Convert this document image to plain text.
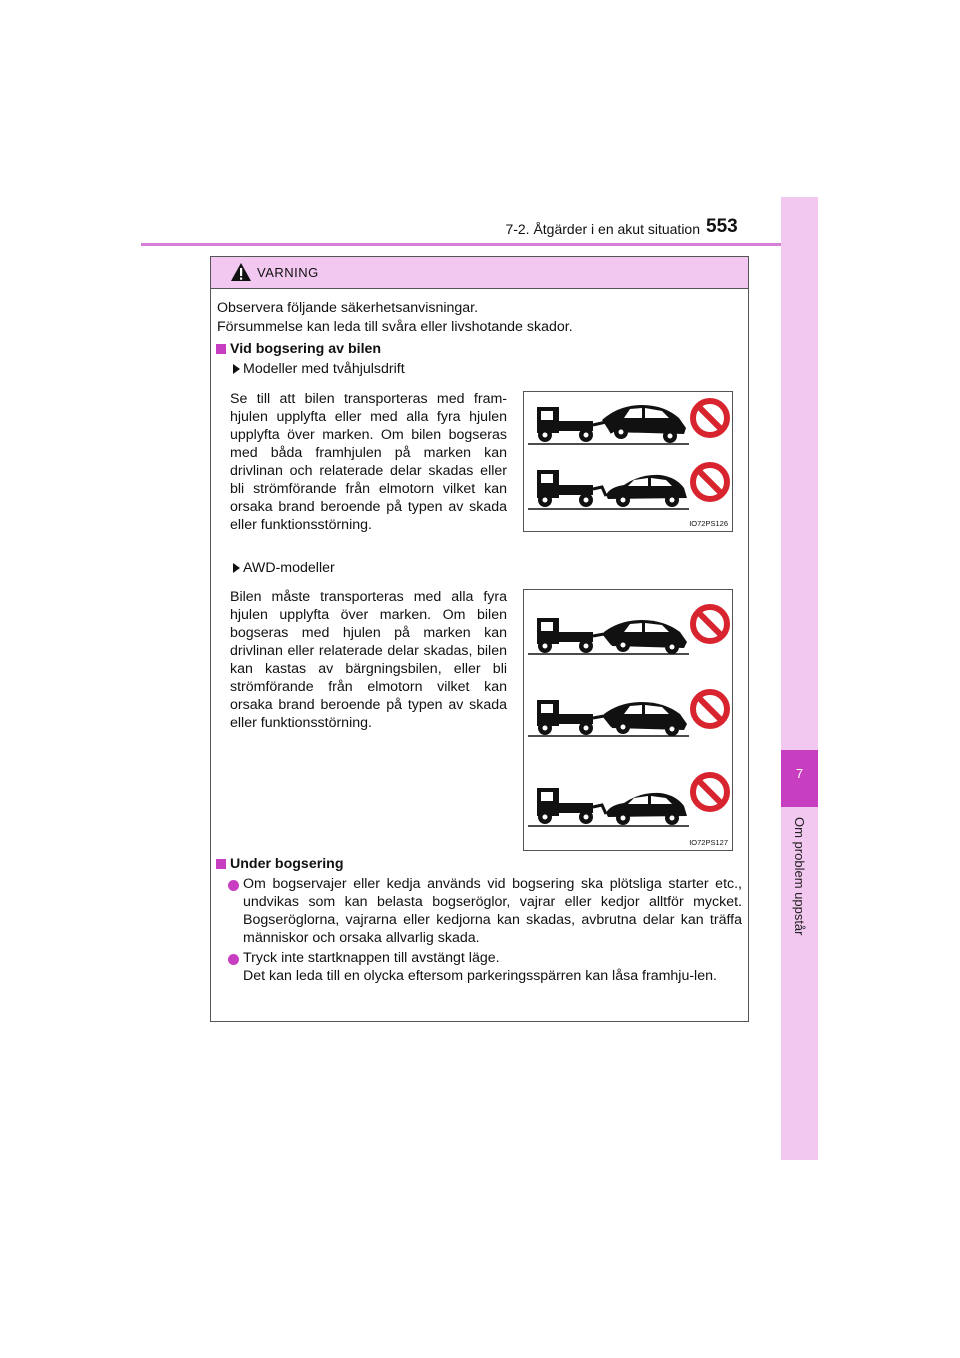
7-2. Åtgärder i en akut situation 553
7
Om problem uppstår
VARNING
Observera följande säkerhetsanvisningar.
Försummelse kan leda till svåra eller livshotande skador.
Vid bogsering av bilen
Modeller med tvåhjulsdrift
Se till att bilen transporteras med fram-hjulen upplyfta eller med alla fyra hjulen upplyfta över marken. Om bilen bogseras med båda framhjulen på marken kan drivlinan och relaterade delar skadas eller bli strömförande från elmotorn vilket kan orsaka brand beroende på typen av skada eller funktionsstörning.	IO72PS126
AWD-modeller
Bilen måste transporteras med alla fyra hjulen upplyfta över marken. Om bilen bogseras med hjulen på marken kan drivlinan eller relaterade delar skadas, bilen kan kastas av bärgningsbilen, eller bli strömförande från elmotorn vilket kan orsaka brand beroende på typen av skada eller funktionsstörning.
IO72PS127
Under bogsering
Om bogservajer eller kedja används vid bogsering ska plötsliga starter etc., undvikas som kan belasta bogseröglor, vajrar eller kedjor alltför mycket. Bogseröglorna, vajrarna eller kedjorna kan skadas, avbrutna delar kan träffa människor och orsaka allvarlig skada.
Tryck inte startknappen till avstängt läge.
Det kan leda till en olycka eftersom parkeringsspärren kan låsa framhju-len.
